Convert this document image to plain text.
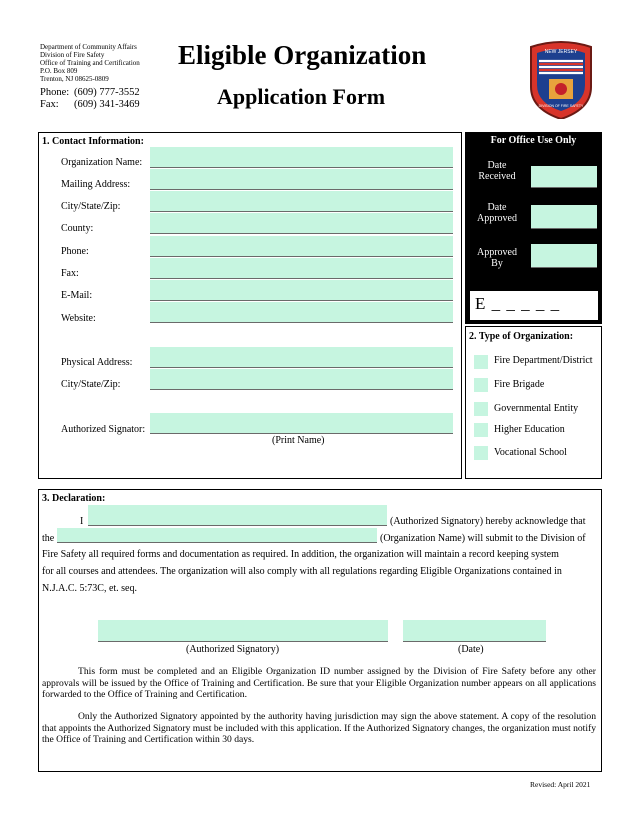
Department of Community Affairs
Division of Fire Safety
Office of Training and Certification
P.O. Box 809
Trenton, NJ 08625-0809
Phone: (609) 777-3552
Fax: (609) 341-3469
Eligible Organization
Application Form
NEW JERSEY
DIVISION OF FIRE SAFETY
1. Contact Information:
Organization Name:
Mailing Address:
City/State/Zip:
County:
Phone:
Fax:
E-Mail:
Website:
Physical Address:
City/State/Zip:
Authorized Signator:
(Print Name)
For Office Use Only
Date
Received
Date
Approved
Approved
By
E _ _ _ _ _
2. Type of Organization:
Fire Department/District
Fire Brigade
Governmental Entity
Higher Education
Vocational School
3. Declaration:
I	(Authorized Signatory) hereby acknowledge that
the	(Organization Name) will submit to the Division of
Fire Safety all required forms and documentation as required. In addition, the organization will maintain a record keeping system
for all courses and attendees. The organization will also comply with all regulations regarding Eligible Organizations contained in
N.J.A.C. 5:73C, et. seq.
(Authorized Signatory)	(Date)
This form must be completed and an Eligible Organization ID number assigned by the Division of Fire Safety before any other approvals will be issued by the Office of Training and Certification. Be sure that your Eligible Organization number appears on all applications forwarded to the Office of Training and Certification.
Only the Authorized Signatory appointed by the authority having jurisdiction may sign the above statement. A copy of the resolution that appoints the Authorized Signatory must be included with this application. If the Authorized Signatory changes, the organization must notify the Office of Training and Certification within 30 days.
Revised: April 2021
